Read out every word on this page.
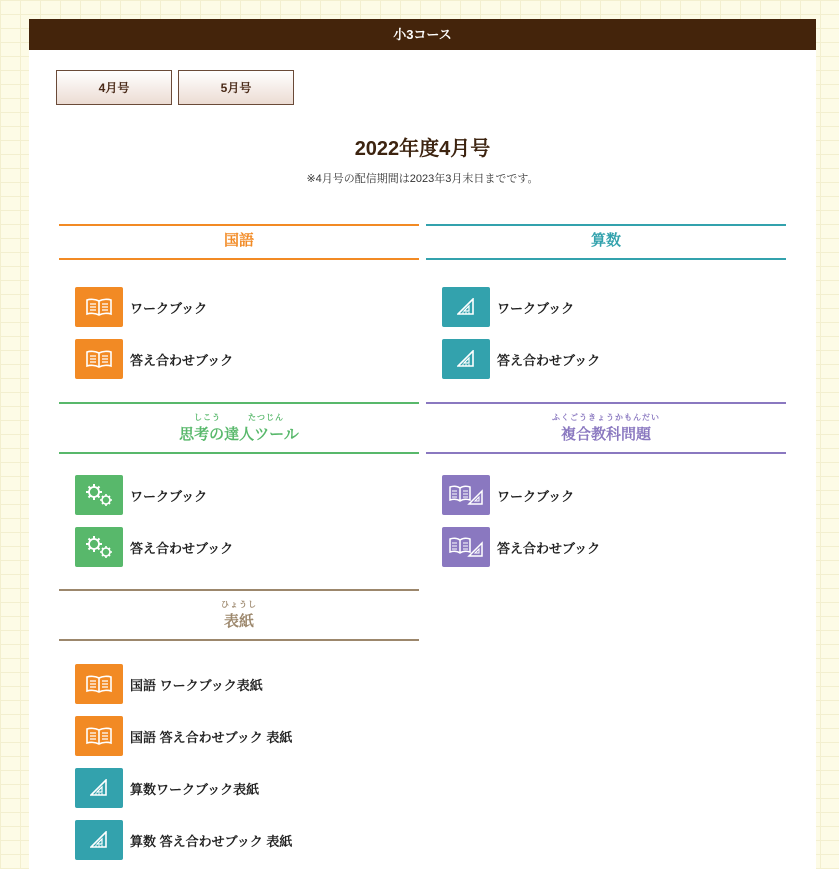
小3コース
4月号	5月号
2022年度4月号
※4月号の配信期間は2023年3月末日までです。
国語
ワークブック
答え合わせブック
算数
ワークブック
答え合わせブック
しこう　　　たつじん
思考の達人ツール
ワークブック
答え合わせブック
ふくごうきょうかもんだい
複合教科問題
ワークブック
答え合わせブック
ひょうし
表紙
国語 ワークブック表紙
国語 答え合わせブック 表紙
算数ワークブック表紙
算数 答え合わせブック 表紙
